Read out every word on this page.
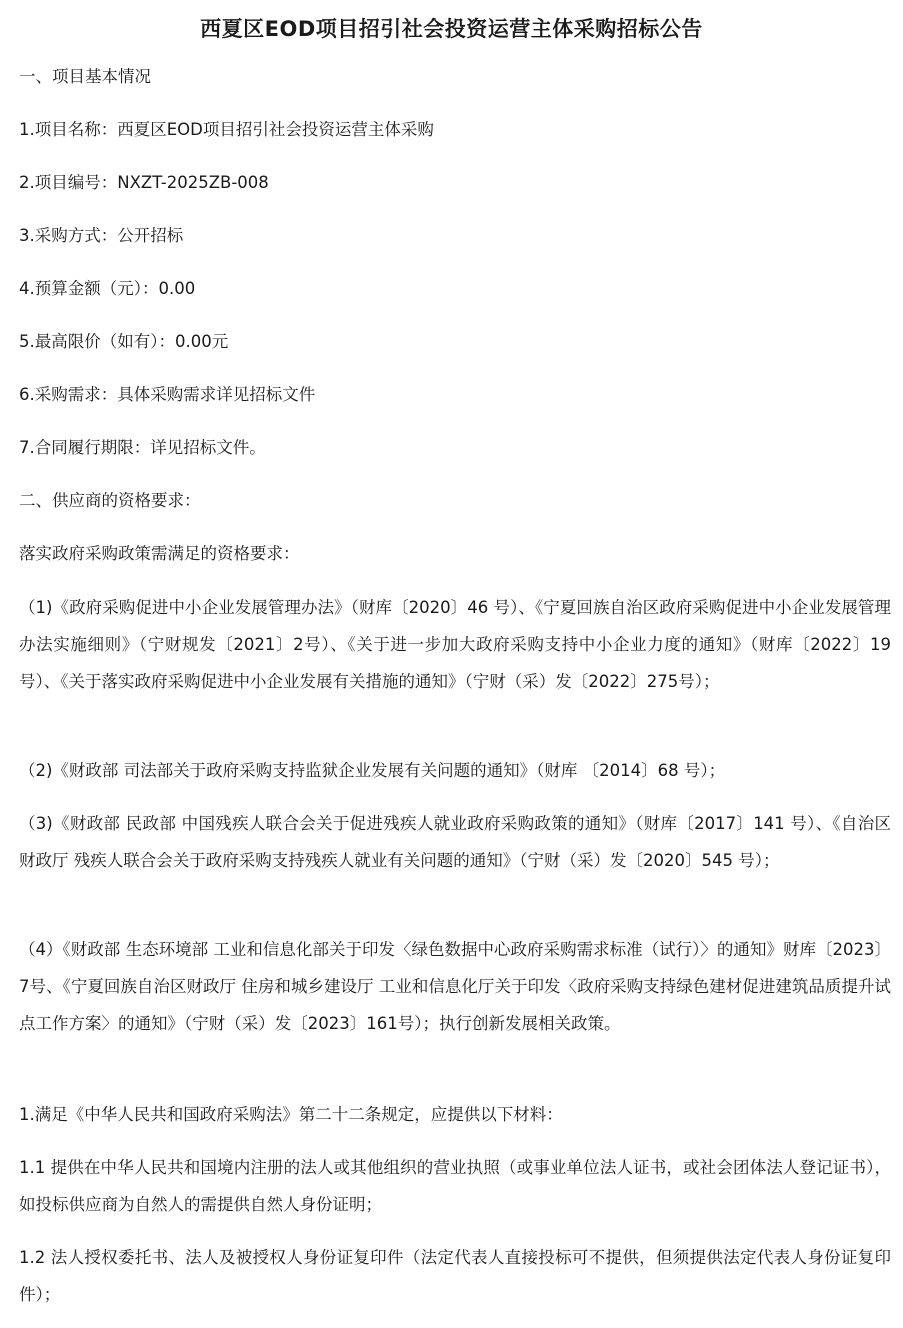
西夏区EOD项目招引社会投资运营主体采购招标公告

一、项目基本情况

1.项目名称：西夏区EOD项目招引社会投资运营主体采购

2.项目编号：NXZT-2025ZB-008

3.采购方式：公开招标

4.预算金额（元）：0.00

5.最高限价（如有）：0.00元

6.采购需求：具体采购需求详见招标文件

7.合同履行期限：详见招标文件。

二、供应商的资格要求：

落实政府采购政策需满足的资格要求：

（1)《政府采购促进中小企业发展管理办法》（财库〔2020〕46 号）、《宁夏回族自治区政府采购促进中小企业发展管理办法实施细则》（宁财规发〔2021〕2号）、《关于进一步加大政府采购支持中小企业力度的通知》（财库〔2022〕19号）、《关于落实政府采购促进中小企业发展有关措施的通知》（宁财（采）发〔2022〕275号）；

（2)《财政部 司法部关于政府采购支持监狱企业发展有关问题的通知》（财库 〔2014〕68 号）；

（3)《财政部 民政部 中国残疾人联合会关于促进残疾人就业政府采购政策的通知》（财库〔2017〕141 号）、《自治区财政厅 残疾人联合会关于政府采购支持残疾人就业有关问题的通知》（宁财（采）发〔2020〕545 号）；

（4）《财政部 生态环境部 工业和信息化部关于印发〈绿色数据中心政府采购需求标准（试行）〉的通知》财库〔2023〕7号、《宁夏回族自治区财政厅 住房和城乡建设厅 工业和信息化厅关于印发〈政府采购支持绿色建材促进建筑品质提升试点工作方案〉的通知》（宁财（采）发〔2023〕161号）；执行创新发展相关政策。

1.满足《中华人民共和国政府采购法》第二十二条规定，应提供以下材料：

1.1 提供在中华人民共和国境内注册的法人或其他组织的营业执照（或事业单位法人证书，或社会团体法人登记证书），如投标供应商为自然人的需提供自然人身份证明；

1.2 法人授权委托书、法人及被授权人身份证复印件（法定代表人直接投标可不提供，但须提供法定代表人身份证复印件）；
